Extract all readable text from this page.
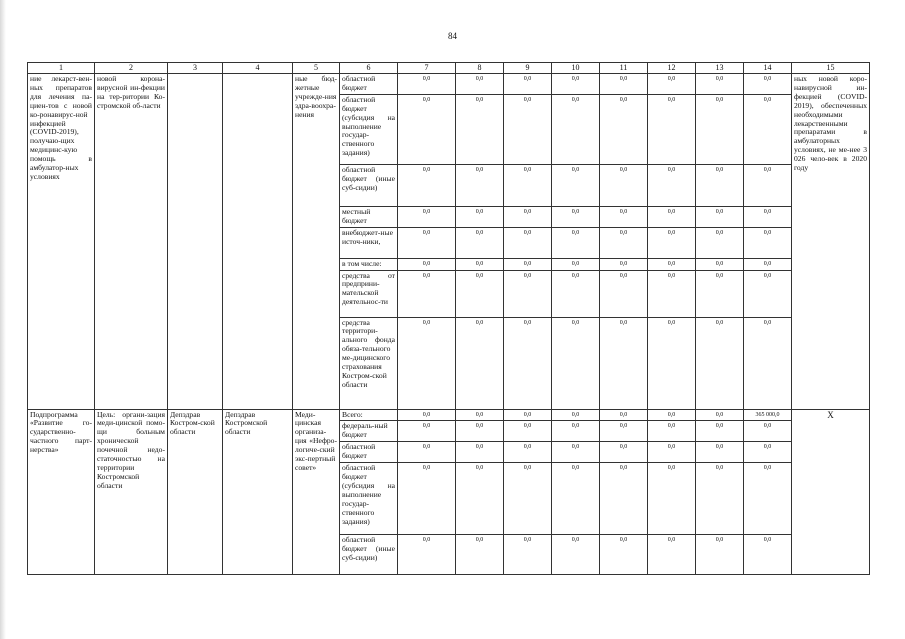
84
1	2	3	4	5	6	7	8	9	10	11	12	13	14	15
ние лекарст-вен-ных препаратов для лечения па-циен-тов с новой ко-ронавирус-ной инфекцией (COVID-2019), получаю-щих медицинс-кую помощь в амбулатор-ных условиях	новой корона-вирусной ин-фекции на тер-ритории Ко-стромской об-ласти			ные бюд-жетные учрежде-ния здра-воохра-нения	областной бюджет	0,0	0,0	0,0	0,0	0,0	0,0	0,0	0,0	ных новой коро-навирусной ин-фекцией (COVID-2019), обеспеченных необходимыми лекарственными препаратами в амбулаторных условиях, не ме-нее 3 026 чело-век в 2020 году
					областной бюджет (субсидия на выполнение государ-ственного задания)	0,0	0,0	0,0	0,0	0,0	0,0	0,0	0,0	
					областной бюджет (иные суб-сидии)	0,0	0,0	0,0	0,0	0,0	0,0	0,0	0,0	
					местный бюджет	0,0	0,0	0,0	0,0	0,0	0,0	0,0	0,0	
					внебюджет-ные источ-ники,	0,0	0,0	0,0	0,0	0,0	0,0	0,0	0,0	
					в том числе:	0,0	0,0	0,0	0,0	0,0	0,0	0,0	0,0	
					средства от предприни-мательской деятельнос-ти	0,0	0,0	0,0	0,0	0,0	0,0	0,0	0,0	
					средства территори-ального фонда обяза-тельного ме-дицинского страхования Костром-ской области	0,0	0,0	0,0	0,0	0,0	0,0	0,0	0,0	
Подпрограмма «Развитие го-сударственно-частного парт-нерства»	Цель: органи-зация меди-цинской помо-щи больным хронической почечной недо-статочностью на территории Костромской области	Депздрав Костром-ской области	Депздрав Костромской области	Меди-цинская организа-ция «Нефро-логиче-ский экс-пертный совет»	Всего:	0,0	0,0	0,0	0,0	0,0	0,0	0,0	365 000,0	X
					федераль-ный бюджет	0,0	0,0	0,0	0,0	0,0	0,0	0,0	0,0	
					областной бюджет	0,0	0,0	0,0	0,0	0,0	0,0	0,0	0,0	
					областной бюджет (субсидия на выполнение государ-ственного задания)	0,0	0,0	0,0	0,0	0,0	0,0	0,0	0,0	
					областной бюджет (иные суб-сидии)	0,0	0,0	0,0	0,0	0,0	0,0	0,0	0,0	
